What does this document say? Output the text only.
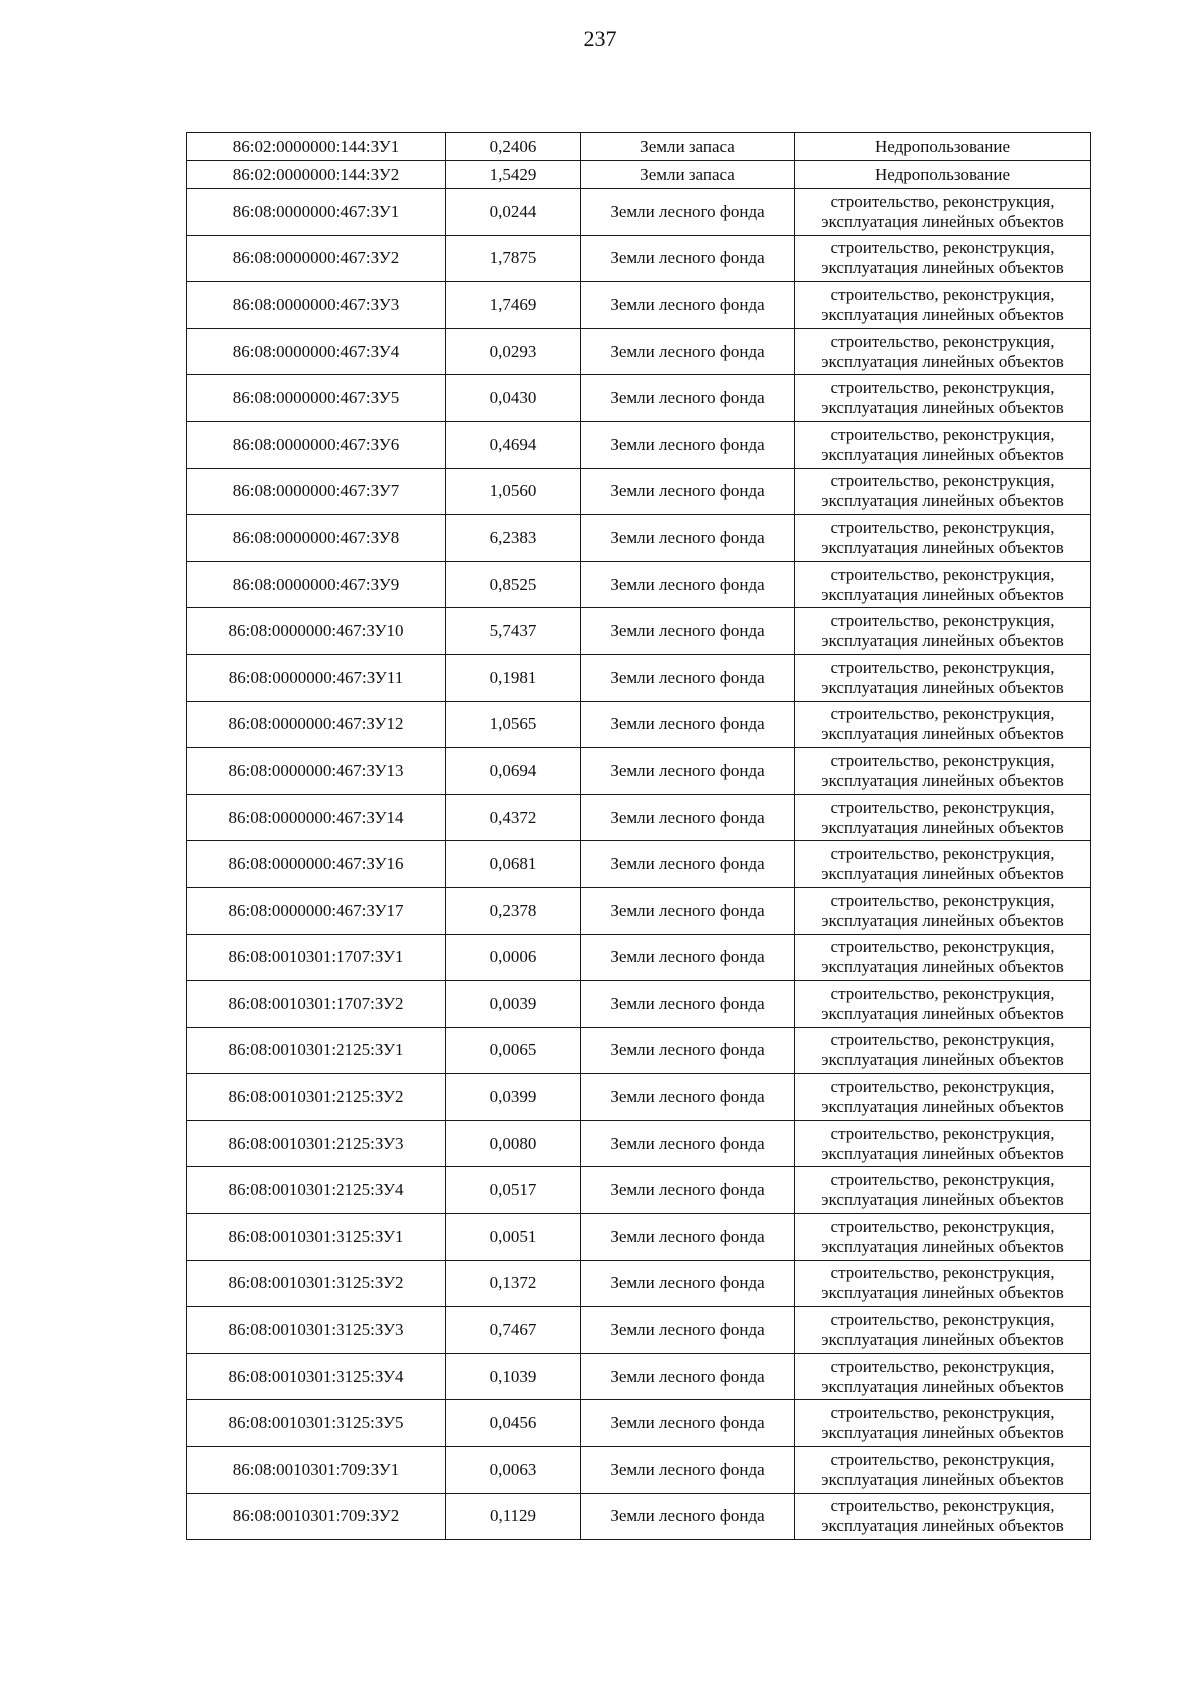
237
86:02:0000000:144:ЗУ1	0,2406	Земли запаса	Недропользование

86:02:0000000:144:ЗУ2	1,5429	Земли запаса	Недропользование

86:08:0000000:467:ЗУ1	0,0244	Земли лесного фонда	строительство, реконструкция,
эксплуатация линейных объектов

86:08:0000000:467:ЗУ2	1,7875	Земли лесного фонда	строительство, реконструкция,
эксплуатация линейных объектов

86:08:0000000:467:ЗУ3	1,7469	Земли лесного фонда	строительство, реконструкция,
эксплуатация линейных объектов

86:08:0000000:467:ЗУ4	0,0293	Земли лесного фонда	строительство, реконструкция,
эксплуатация линейных объектов

86:08:0000000:467:ЗУ5	0,0430	Земли лесного фонда	строительство, реконструкция,
эксплуатация линейных объектов

86:08:0000000:467:ЗУ6	0,4694	Земли лесного фонда	строительство, реконструкция,
эксплуатация линейных объектов

86:08:0000000:467:ЗУ7	1,0560	Земли лесного фонда	строительство, реконструкция,
эксплуатация линейных объектов

86:08:0000000:467:ЗУ8	6,2383	Земли лесного фонда	строительство, реконструкция,
эксплуатация линейных объектов

86:08:0000000:467:ЗУ9	0,8525	Земли лесного фонда	строительство, реконструкция,
эксплуатация линейных объектов

86:08:0000000:467:ЗУ10	5,7437	Земли лесного фонда	строительство, реконструкция,
эксплуатация линейных объектов

86:08:0000000:467:ЗУ11	0,1981	Земли лесного фонда	строительство, реконструкция,
эксплуатация линейных объектов

86:08:0000000:467:ЗУ12	1,0565	Земли лесного фонда	строительство, реконструкция,
эксплуатация линейных объектов

86:08:0000000:467:ЗУ13	0,0694	Земли лесного фонда	строительство, реконструкция,
эксплуатация линейных объектов

86:08:0000000:467:ЗУ14	0,4372	Земли лесного фонда	строительство, реконструкция,
эксплуатация линейных объектов

86:08:0000000:467:ЗУ16	0,0681	Земли лесного фонда	строительство, реконструкция,
эксплуатация линейных объектов

86:08:0000000:467:ЗУ17	0,2378	Земли лесного фонда	строительство, реконструкция,
эксплуатация линейных объектов

86:08:0010301:1707:ЗУ1	0,0006	Земли лесного фонда	строительство, реконструкция,
эксплуатация линейных объектов

86:08:0010301:1707:ЗУ2	0,0039	Земли лесного фонда	строительство, реконструкция,
эксплуатация линейных объектов

86:08:0010301:2125:ЗУ1	0,0065	Земли лесного фонда	строительство, реконструкция,
эксплуатация линейных объектов

86:08:0010301:2125:ЗУ2	0,0399	Земли лесного фонда	строительство, реконструкция,
эксплуатация линейных объектов

86:08:0010301:2125:ЗУ3	0,0080	Земли лесного фонда	строительство, реконструкция,
эксплуатация линейных объектов

86:08:0010301:2125:ЗУ4	0,0517	Земли лесного фонда	строительство, реконструкция,
эксплуатация линейных объектов

86:08:0010301:3125:ЗУ1	0,0051	Земли лесного фонда	строительство, реконструкция,
эксплуатация линейных объектов

86:08:0010301:3125:ЗУ2	0,1372	Земли лесного фонда	строительство, реконструкция,
эксплуатация линейных объектов

86:08:0010301:3125:ЗУ3	0,7467	Земли лесного фонда	строительство, реконструкция,
эксплуатация линейных объектов

86:08:0010301:3125:ЗУ4	0,1039	Земли лесного фонда	строительство, реконструкция,
эксплуатация линейных объектов

86:08:0010301:3125:ЗУ5	0,0456	Земли лесного фонда	строительство, реконструкция,
эксплуатация линейных объектов

86:08:0010301:709:ЗУ1	0,0063	Земли лесного фонда	строительство, реконструкция,
эксплуатация линейных объектов

86:08:0010301:709:ЗУ2	0,1129	Земли лесного фонда	строительство, реконструкция,
эксплуатация линейных объектов
